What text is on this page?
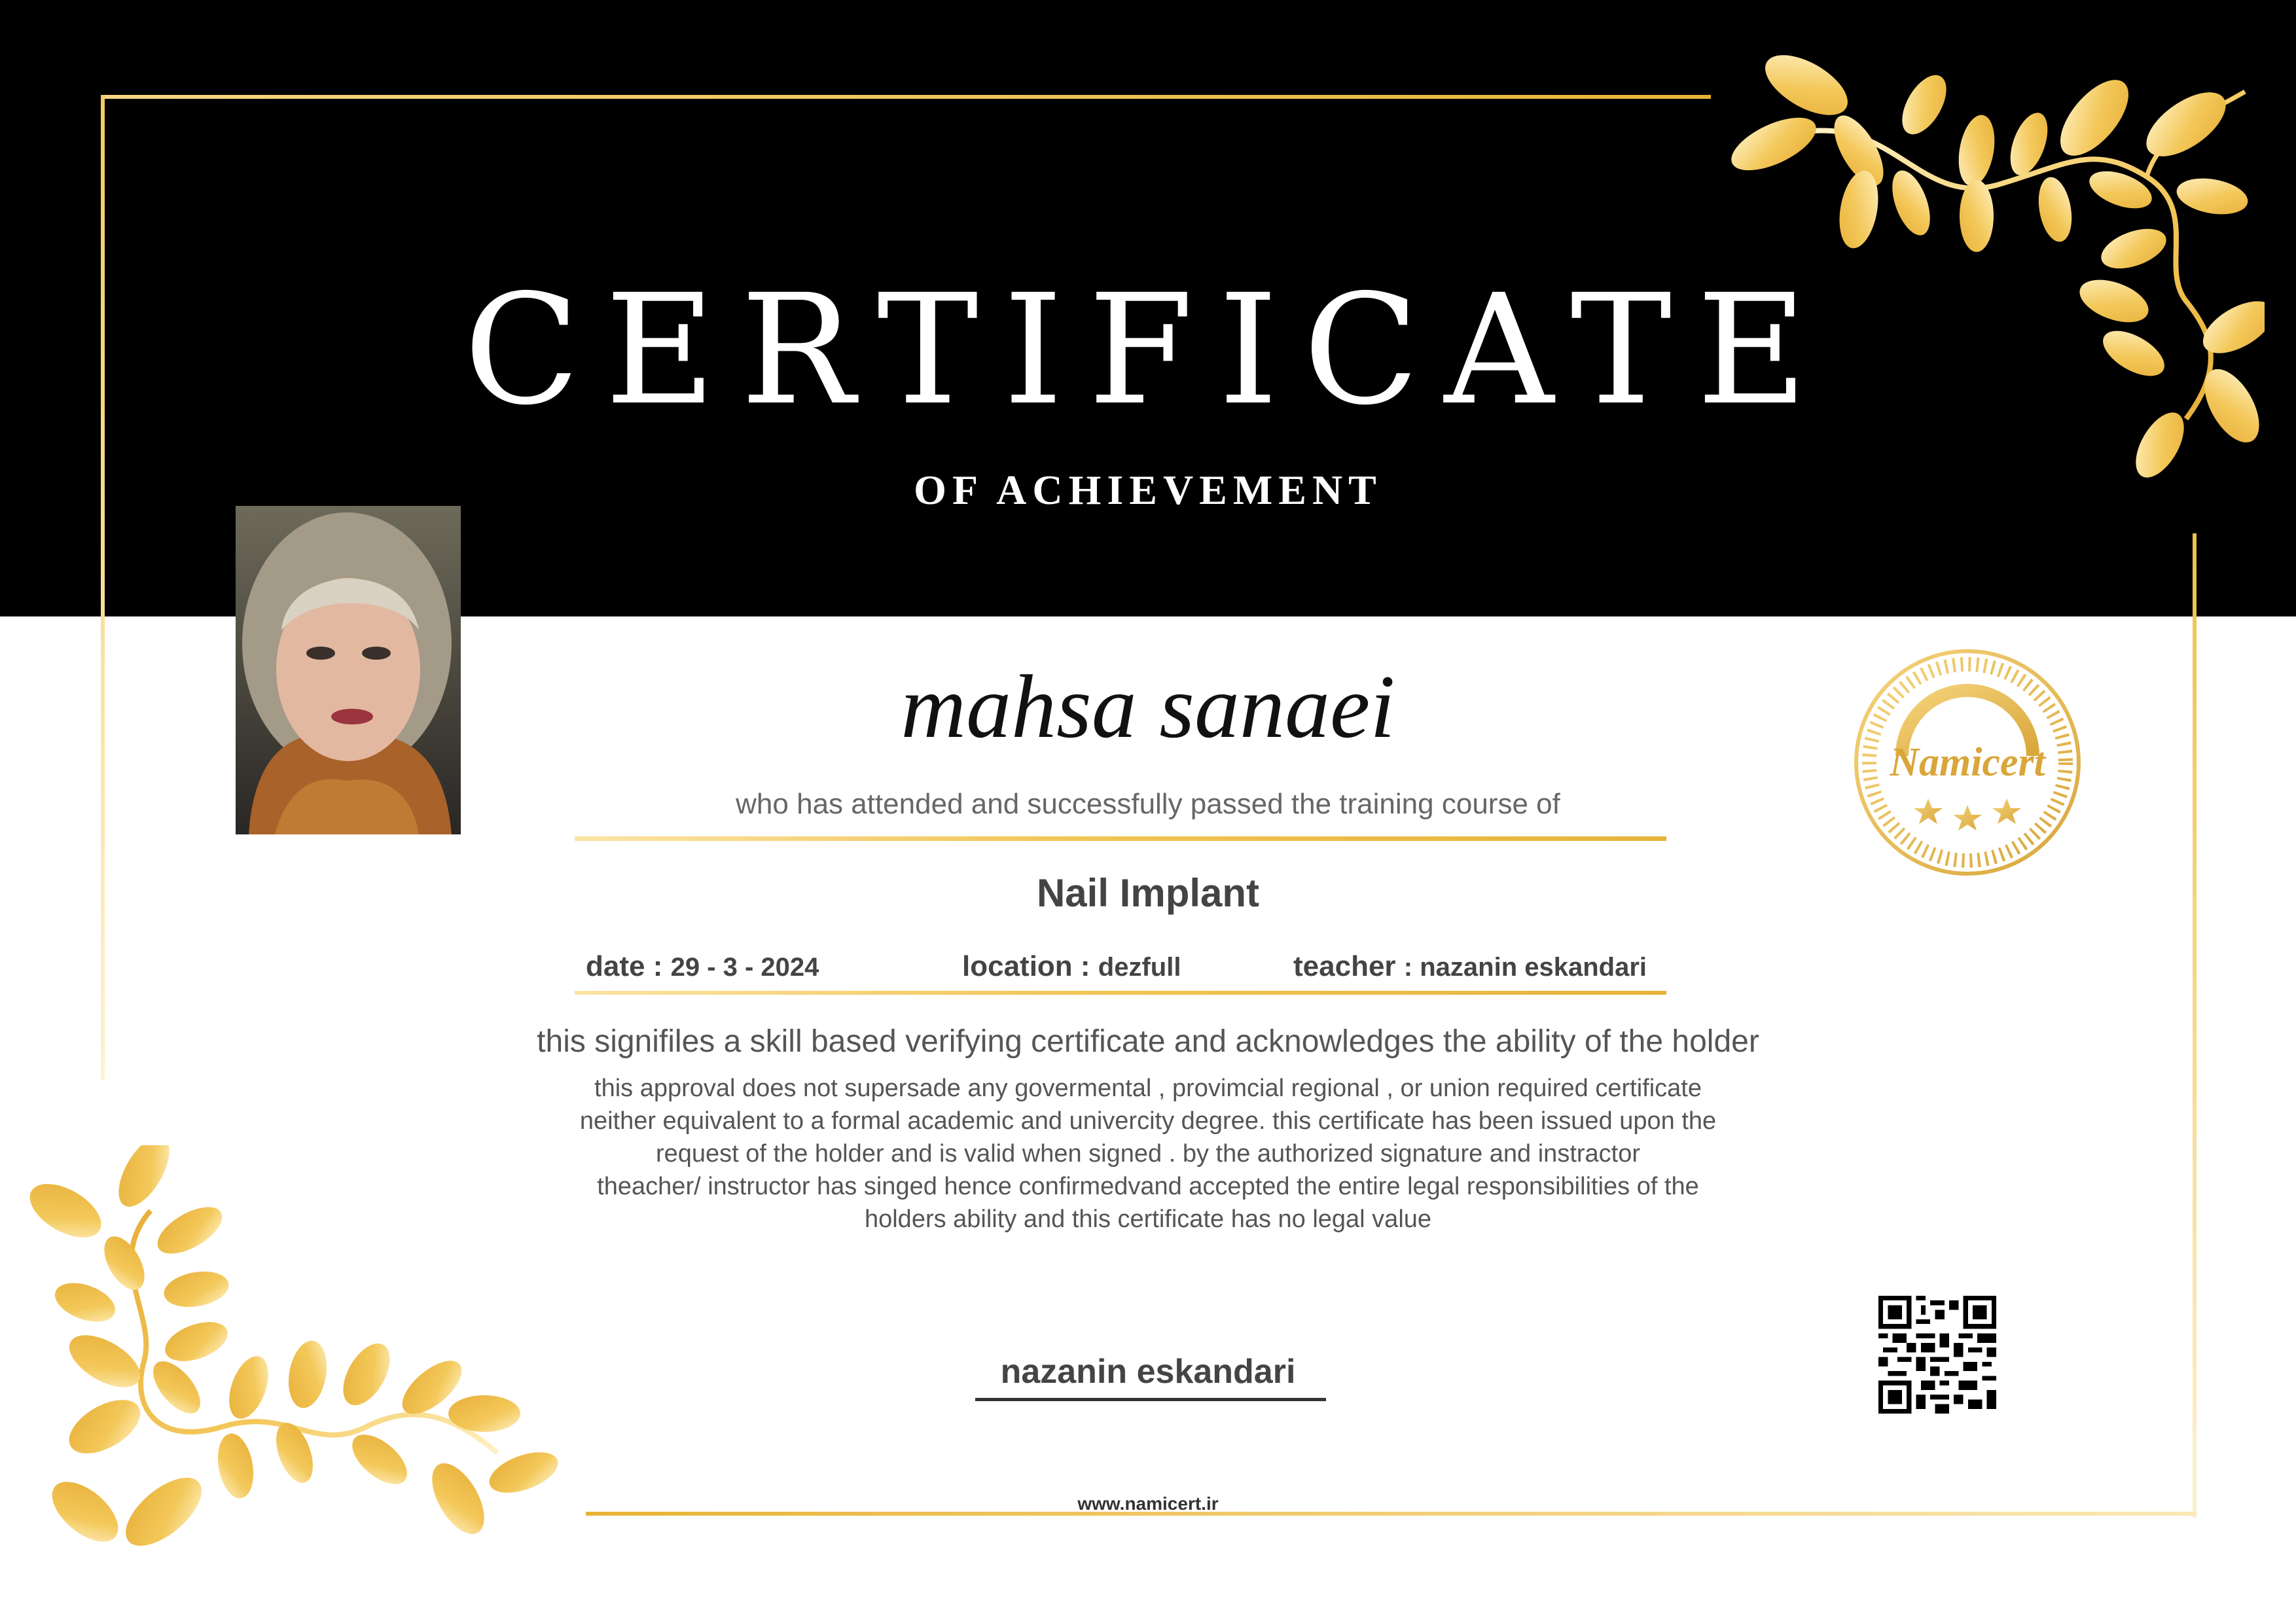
CERTIFICATE
OF ACHIEVEMENT
mahsa sanaei
who has attended and successfully passed the training course of
Nail Implant
date : 29 - 3 - 2024	location : dezfull	teacher : nazanin eskandari
this signifiles a skill based verifying certificate and acknowledges the ability of the holder
this approval does not supersade any govermental , provimcial regional , or union required certificate
neither equivalent to a formal academic and univercity degree. this certificate has been issued upon the
request of the holder and is valid when signed . by the authorized signature and instractor
theacher/ instructor has singed hence confirmedvand accepted the entire legal responsibilities of the
holders ability and this certificate has no legal value
nazanin eskandari
www.namicert.ir
Namicert
